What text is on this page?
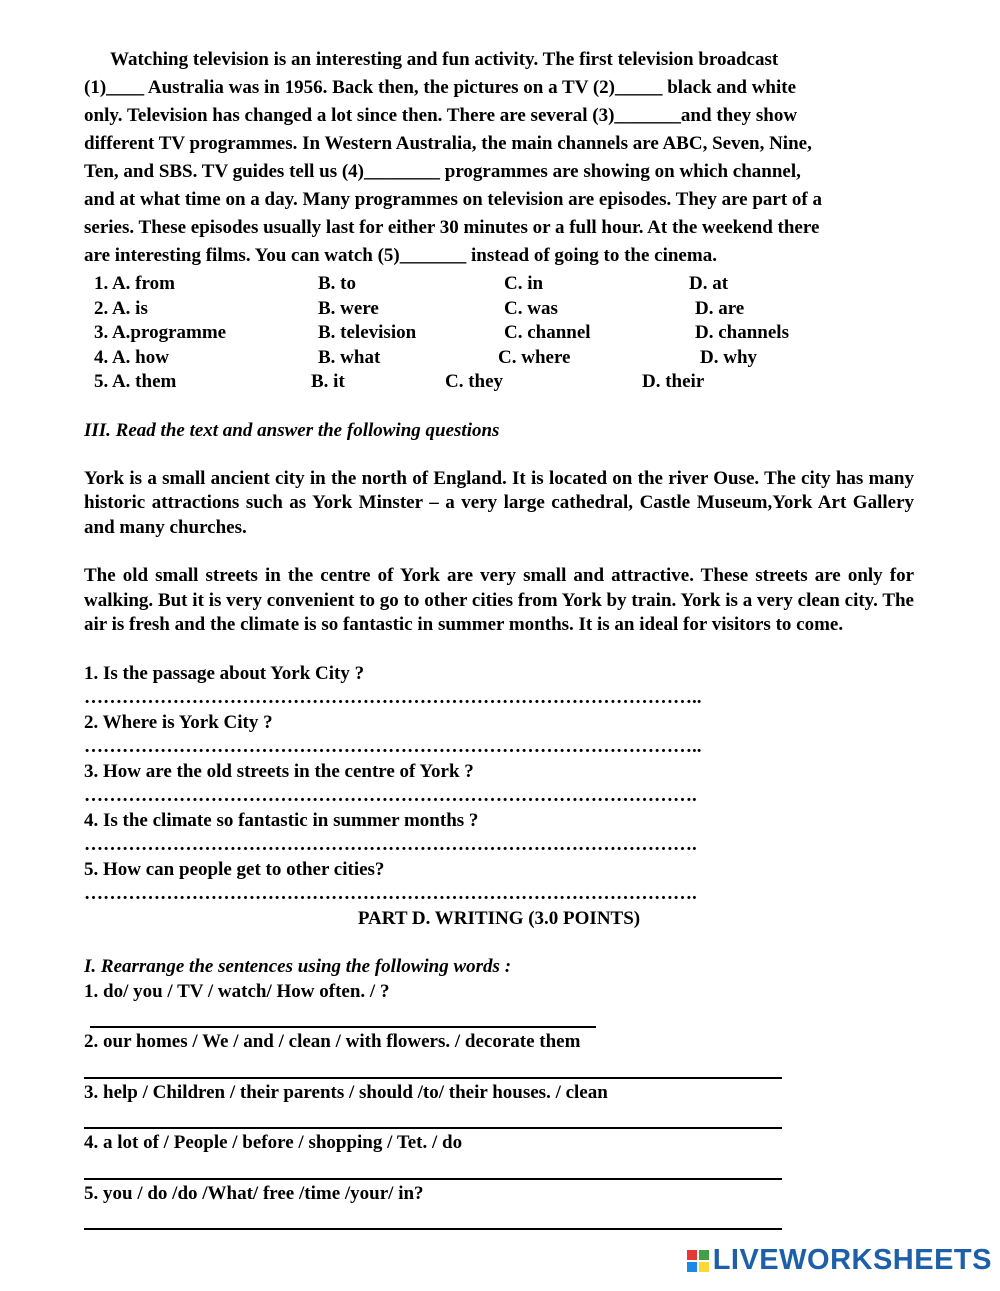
Watching television is an interesting and fun activity. The first television broadcast

(1)____ Australia was in 1956. Back then, the pictures on a TV (2)_____ black and white

only. Television has changed a lot since then. There are several (3)_______and they show

different TV programmes. In Western Australia, the main channels are ABC, Seven, Nine,

Ten, and SBS. TV guides tell us (4)________ programmes are showing on which channel,

and at what time on a day. Many programmes on television are episodes. They are part of a

series. These episodes usually last for either 30 minutes or a full hour. At the weekend there

are interesting films. You can watch (5)_______ instead of going to the cinema.

1. A. from	B. to	C. in	D. at
2. A. is	B. were	C. was	D. are
3. A.programme	B. television	C. channel	D. channels
4. A. how	B. what	C. where	D. why
5. A. them	B. it	C. they	D. their
III. Read the text and answer the following questions

York is a small ancient city in the north of England. It is located on the river Ouse. The city has many historic attractions such as York Minster – a very large cathedral, Castle Museum,York Art Gallery and many churches.

The old small streets in the centre of York are very small and attractive. These streets are only for walking. But it is very convenient to go to other cities from York by train. York is a very clean city. The air is fresh and the climate is so fantastic in summer months. It is an ideal for visitors to come.

1. Is the passage about York City ?
……………………………………………………………………………………..
2. Where is York City ?
……………………………………………………………………………………..
3. How are the old streets in the centre of York ?
…………………………………………………………………………………….
4. Is the climate so fantastic in summer months ?
…………………………………………………………………………………….
5. How can people get to other cities?
…………………………………………………………………………………….
PART D. WRITING (3.0 POINTS)
I. Rearrange the sentences using the following words :
1. do/ you / TV / watch/ How often. / ?
2. our homes / We / and / clean / with flowers. / decorate them
3. help / Children / their parents / should /to/ their houses. / clean
4. a lot of / People / before / shopping / Tet. / do
5. you / do /do /What/ free /time /your/ in?
LIVEWORKSHEETS
